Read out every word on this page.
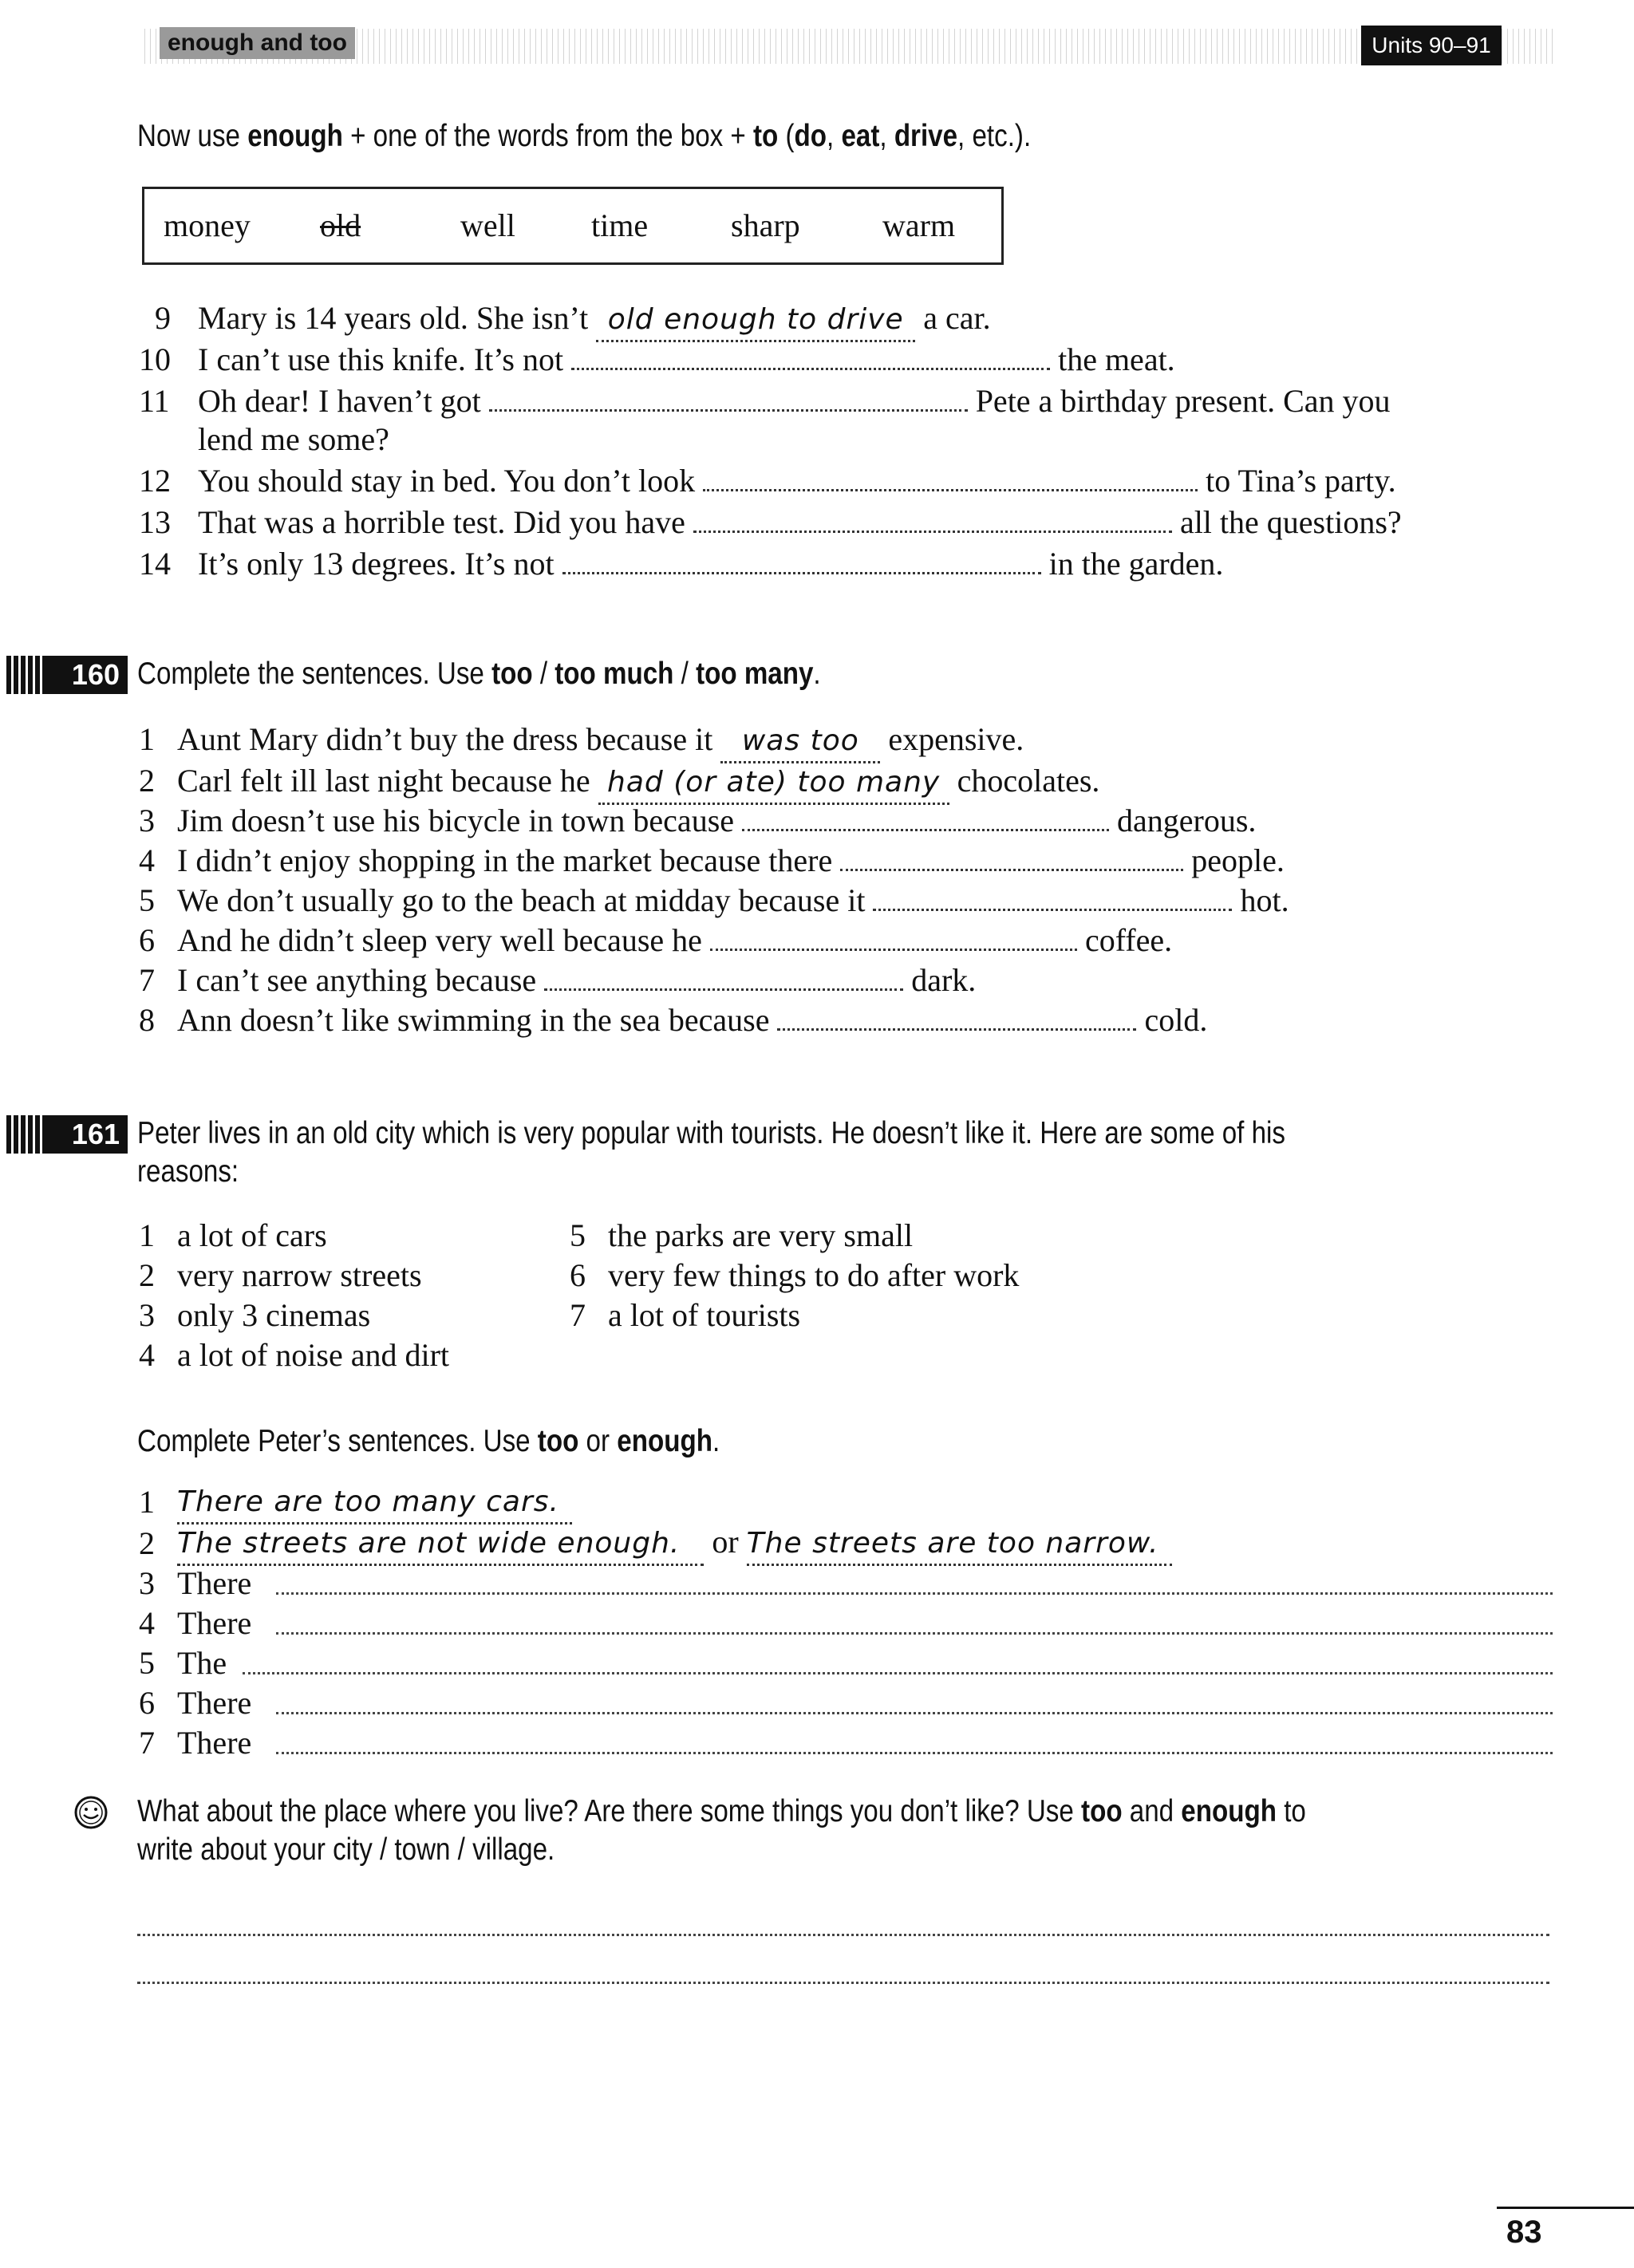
enough and too	Units 90–91
Now use enough + one of the words from the box + to (do, eat, drive, etc.).
money old	well time	sharp	warm
9 Mary is 14 years old. She isn’t old enough to drive a car.
10 I can’t use this knife. It’s not	the meat.
11 Oh dear! I haven’t got	Pete a birthday present. Can you
lend me some?
12 You should stay in bed. You don’t look	to Tina’s party.
13 That was a horrible test. Did you have	all the questions?
14 It’s only 13 degrees. It’s not	in the garden.
160 Complete the sentences. Use too / too much / too many.
1 Aunt Mary didn’t buy the dress because it was too expensive.
2 Carl felt ill last night because he had (or ate) too many chocolates.
3 Jim doesn’t use his bicycle in town because	dangerous.
4 I didn’t enjoy shopping in the market because there	people.
5 We don’t usually go to the beach at midday because it	hot.
6 And he didn’t sleep very well because he	coffee.
7 I can’t see anything because	dark.
8 Ann doesn’t like swimming in the sea because	cold.
161 Peter lives in an old city which is very popular with tourists. He doesn’t like it. Here are some of his
reasons:
1 a lot of cars
2 very narrow streets
3 only 3 cinemas
4 a lot of noise and dirt
5 the parks are very small
6 very few things to do after work
7 a lot of tourists
Complete Peter’s sentences. Use too or enough.
1 There are too many cars.
2 The streets are not wide enough. or The streets are too narrow.
3 There
4 There
5 The
6 There
7 There
What about the place where you live? Are there some things you don’t like? Use too and enough to
write about your city / town / village.
83
